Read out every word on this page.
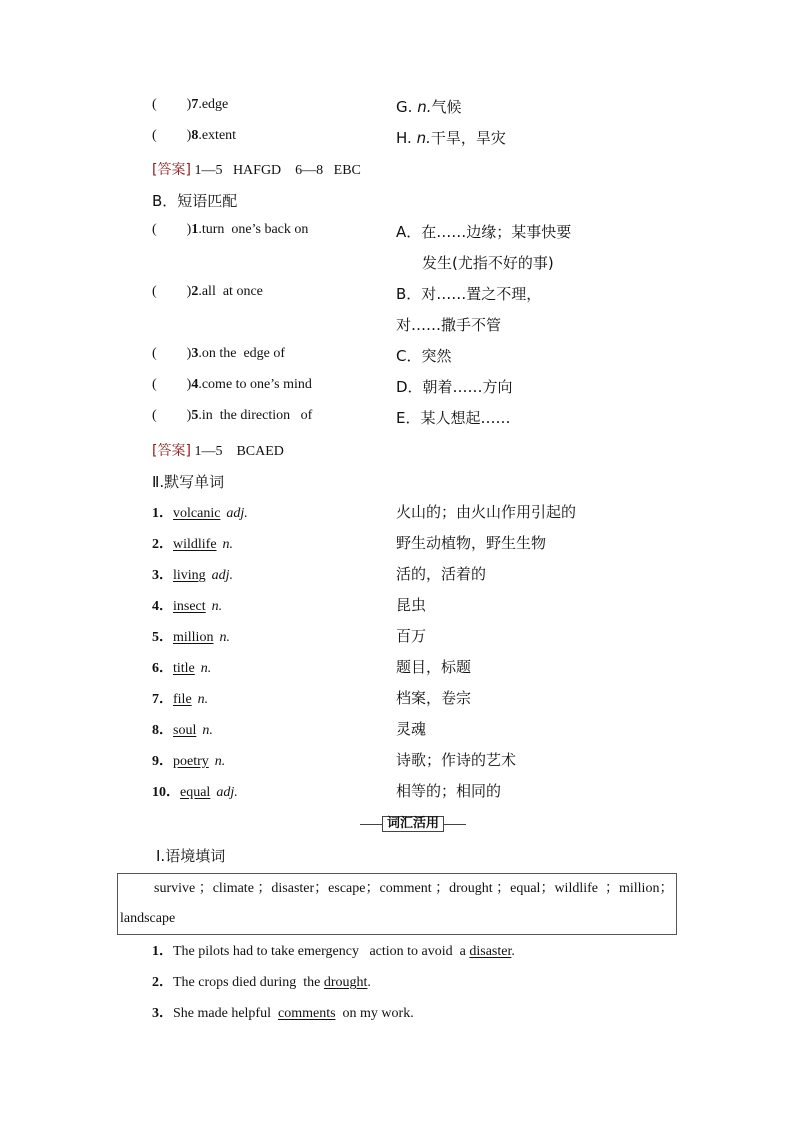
( )7.edge	G. n.气候
( )8.extent	H. n.干旱，旱灾
[答案] 1—5   HAFGD    6—8   EBC
B．短语匹配
( )1.turn  one’s back on	A．在……边缘；某事快要
发生(尤指不好的事)
( )2.all  at once	B．对……置之不理，
对……撒手不管
( )3.on the  edge of	C．突然
( )4.come to one’s mind	D．朝着……方向
( )5.in  the direction   of	E．某人想起……
[答案] 1—5    BCAED
Ⅱ.默写单词
1．volcanic adj.	火山的；由火山作用引起的
2．wildlife n.	野生动植物，野生生物
3．living adj.	活的，活着的
4．insect n.	昆虫
5．million n.	百万
6．title n.	题目，标题
7．file n.	档案，卷宗
8．soul n.	灵魂
9．poetry n.	诗歌；作诗的艺术
10．equal adj.	相等的；相同的
词汇活用
Ⅰ.语境填词
survive ；climate ；disaster；escape；comment ；drought ；equal；wildlife  ；million；
landscape
1．The pilots had to take emergency   action to avoid  a disaster.
2．The crops died during  the drought.
3．She made helpful  comments  on my work.
